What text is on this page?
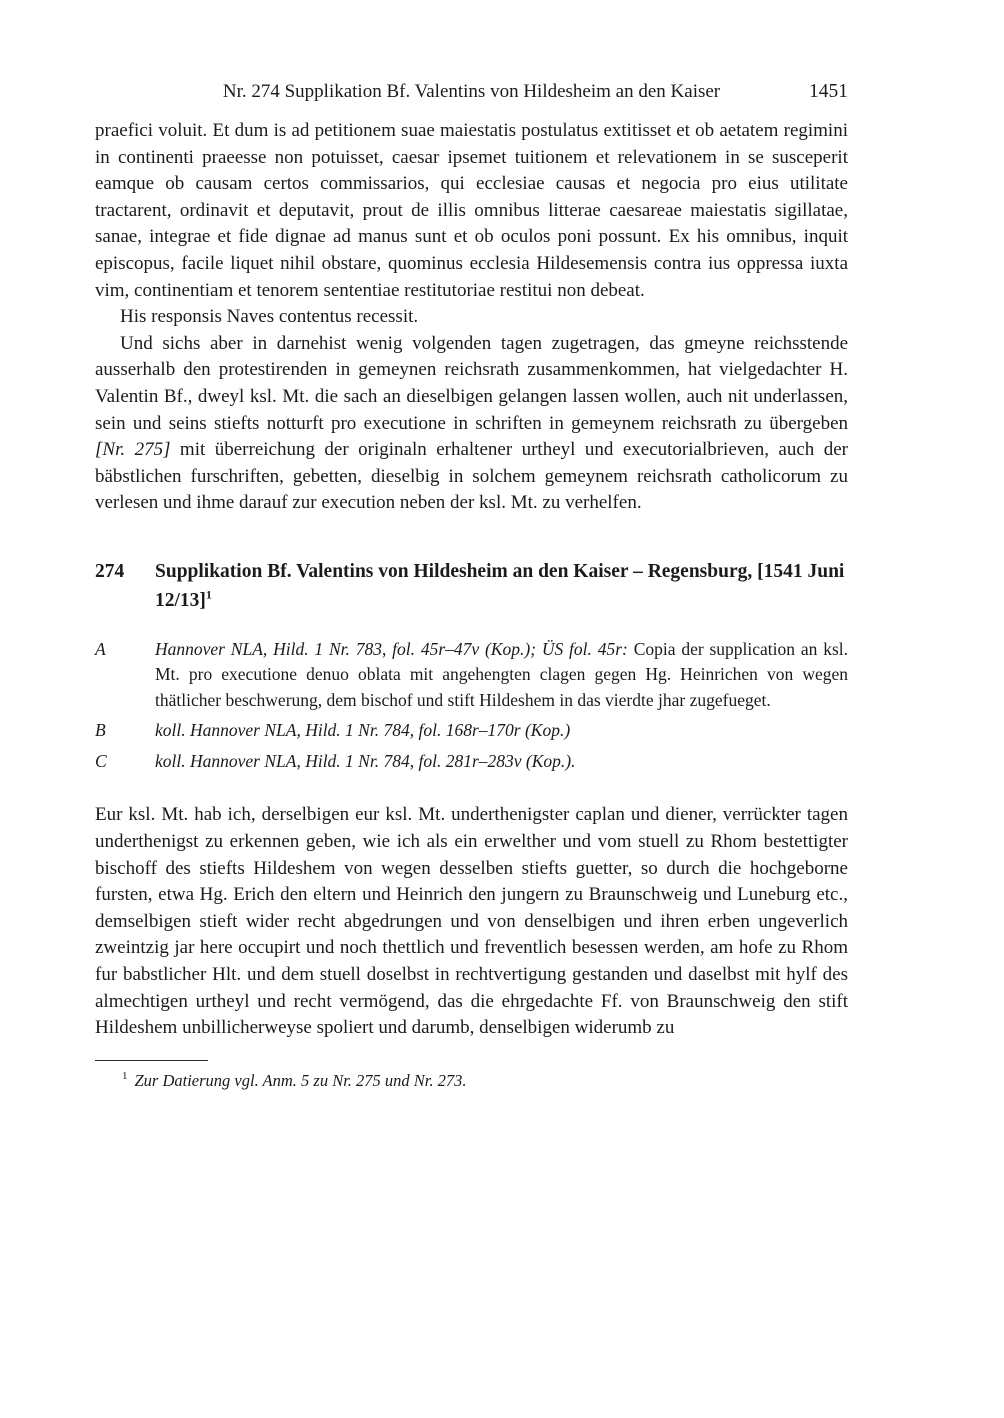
Nr. 274 Supplikation Bf. Valentins von Hildesheim an den Kaiser	1451

praefici voluit. Et dum is ad petitionem suae maiestatis postulatus extitisset et ob aetatem regimini in continenti praeesse non potuisset, caesar ipsemet tuitionem et relevationem in se susceperit eamque ob causam certos commissarios, qui ecclesiae causas et negocia pro eius utilitate tractarent, ordinavit et deputavit, prout de illis omnibus litterae caesareae maiestatis sigillatae, sanae, integrae et fide dignae ad manus sunt et ob oculos poni possunt. Ex his omnibus, inquit episcopus, facile liquet nihil obstare, quominus ecclesia Hildesemensis contra ius oppressa iuxta vim, continentiam et tenorem sententiae restitutoriae restitui non debeat.

His responsis Naves contentus recessit.

Und sichs aber in darnehist wenig volgenden tagen zugetragen, das gmeyne reichsstende ausserhalb den protestirenden in gemeynen reichsrath zusammenkommen, hat vielgedachter H. Valentin Bf., dweyl ksl. Mt. die sach an dieselbigen gelangen lassen wollen, auch nit underlassen, sein und seins stiefts notturft pro executione in schriften in gemeynem reichsrath zu übergeben [Nr. 275] mit überreichung der originaln erhaltener urtheyl und executorialbrieven, auch der bäbstlichen furschriften, gebetten, dieselbig in solchem gemeynem reichsrath catholicorum zu verlesen und ihme darauf zur execution neben der ksl. Mt. zu verhelfen.

274	Supplikation Bf. Valentins von Hildesheim an den Kaiser – Regensburg, [1541 Juni 12/13]$^1$
A	Hannover NLA, Hild. 1 Nr. 783, fol. 45r–47v (Kop.); ÜS fol. 45r: Copia der supplication an ksl. Mt. pro executione denuo oblata mit angehengten clagen gegen Hg. Heinrichen von wegen thätlicher beschwerung, dem bischof und stift Hildeshem in das vierdte jhar zugefueget.

B	koll. Hannover NLA, Hild. 1 Nr. 784, fol. 168r–170r (Kop.)

C	koll. Hannover NLA, Hild. 1 Nr. 784, fol. 281r–283v (Kop.).

Eur ksl. Mt. hab ich, derselbigen eur ksl. Mt. underthenigster caplan und diener, verrückter tagen underthenigst zu erkennen geben, wie ich als ein erwelther und vom stuell zu Rhom bestettigter bischoff des stiefts Hildeshem von wegen desselben stiefts guetter, so durch die hochgeborne fursten, etwa Hg. Erich den eltern und Heinrich den jungern zu Braunschweig und Luneburg etc., demselbigen stieft wider recht abgedrungen und von denselbigen und ihren erben ungeverlich zweintzig jar here occupirt und noch thettlich und freventlich besessen werden, am hofe zu Rhom fur babstlicher Hlt. und dem stuell doselbst in rechtvertigung gestanden und daselbst mit hylf des almechtigen urtheyl und recht vermögend, das die ehrgedachte Ff. von Braunschweig den stift Hildeshem unbillicherweyse spoliert und darumb, denselbigen widerumb zu

$^1$ Zur Datierung vgl. Anm. 5 zu Nr. 275 und Nr. 273.
